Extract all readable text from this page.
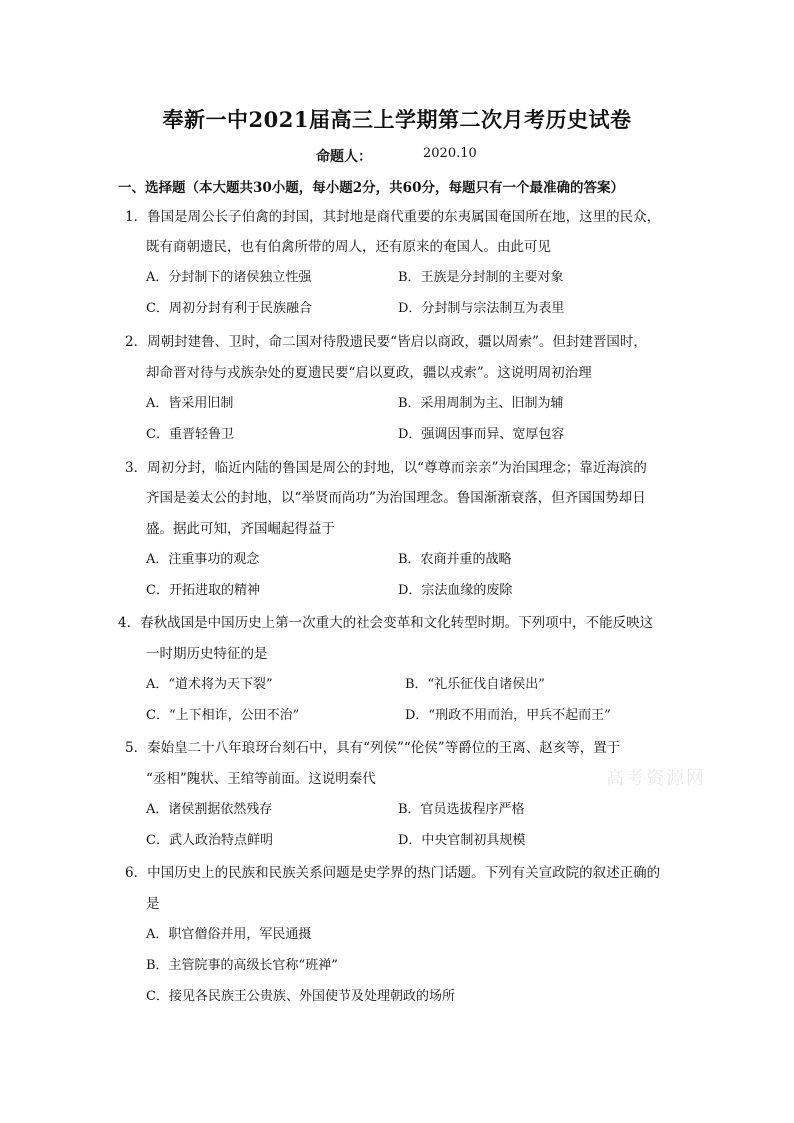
奉新一中2021届高三上学期第二次月考历史试卷
命题人：	2020.10
一、选择题（本大题共30小题，每小题2分，共60分，每题只有一个最准确的答案）
1．鲁国是周公长子伯禽的封国，其封地是商代重要的东夷属国奄国所在地，这里的民众，
既有商朝遗民，也有伯禽所带的周人，还有原来的奄国人。由此可见
A．分封制下的诸侯独立性强	B．王族是分封制的主要对象
C．周初分封有利于民族融合	D．分封制与宗法制互为表里
2．周朝封建鲁、卫时，命二国对待殷遗民要“皆启以商政，疆以周索”。但封建晋国时，
却命晋对待与戎族杂处的夏遗民要“启以夏政，疆以戎索”。这说明周初治理
A．皆采用旧制	B．采用周制为主、旧制为辅
C．重晋轻鲁卫	D．强调因事而异、宽厚包容
3．周初分封，临近内陆的鲁国是周公的封地，以“尊尊而亲亲”为治国理念；靠近海滨的
齐国是姜太公的封地，以“举贤而尚功”为治国理念。鲁国渐渐衰落，但齐国国势却日
盛。据此可知，齐国崛起得益于
A．注重事功的观念	B．农商并重的战略
C．开拓进取的精神	D．宗法血缘的废除
4．春秋战国是中国历史上第一次重大的社会变革和文化转型时期。下列项中，不能反映这
一时期历史特征的是
A．“道术将为天下裂”	B．“礼乐征伐自诸侯出”
C．“上下相诈，公田不治”	D．“刑政不用而治，甲兵不起而王”
5．秦始皇二十八年琅玡台刻石中，具有“列侯”“伦侯”等爵位的王离、赵亥等，置于
“丞相”隗状、王绾等前面。这说明秦代
A．诸侯割据依然残存	B．官员选拔程序严格
C．武人政治特点鲜明	D．中央官制初具规模
6．中国历史上的民族和民族关系问题是史学界的热门话题。下列有关宣政院的叙述正确的
是
A．职官僧俗并用，军民通摄
B．主管院事的高级长官称“班禅”
C．接见各民族王公贵族、外国使节及处理朝政的场所
高考资源网
